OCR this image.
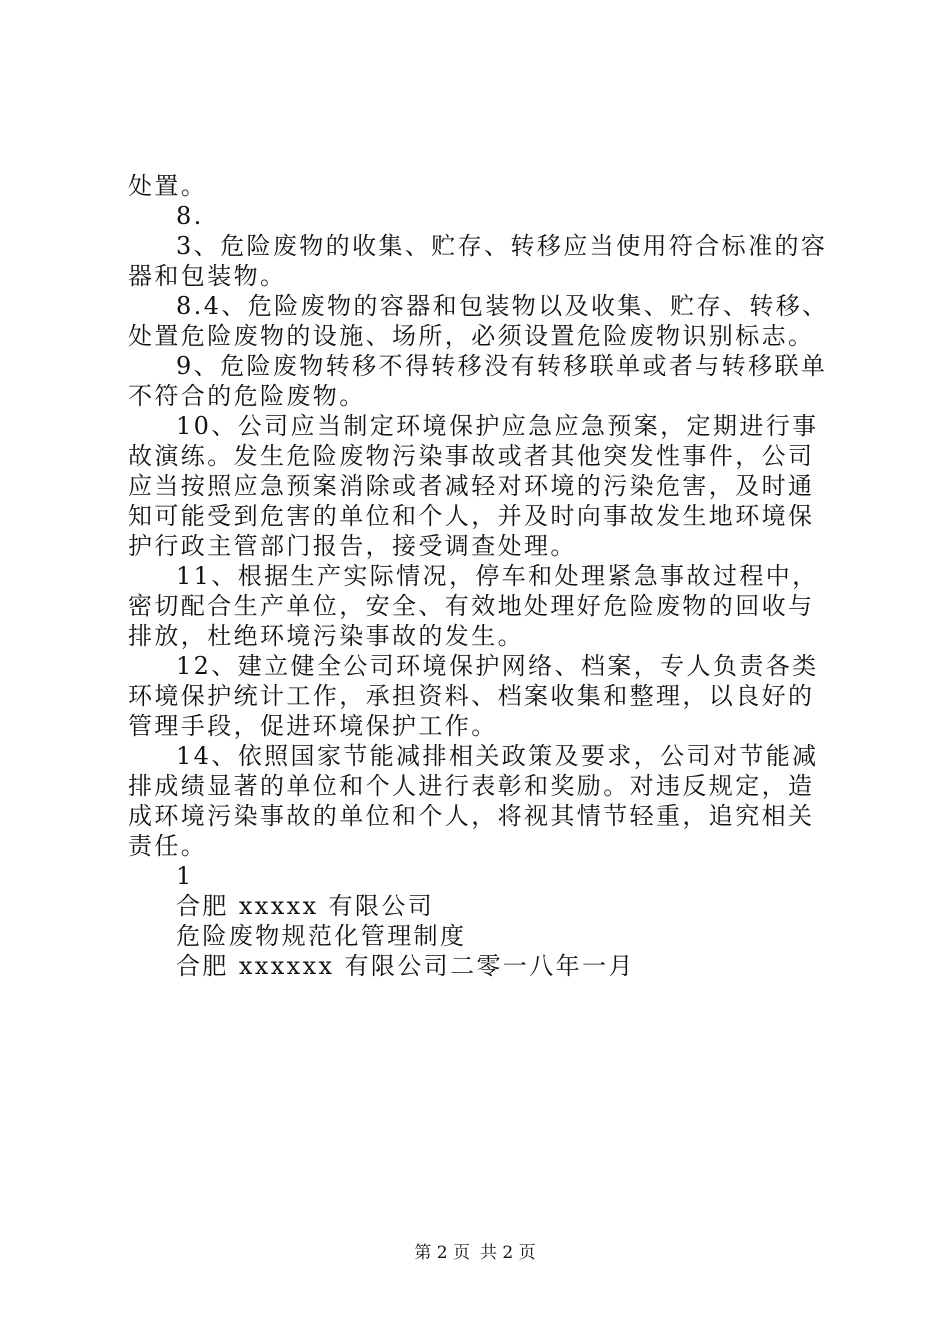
处置。

8.

3、危险废物的收集、贮存、转移应当使用符合标准的容器和包装物。

8.4、危险废物的容器和包装物以及收集、贮存、转移、处置危险废物的设施、场所，必须设置危险废物识别标志。

9、危险废物转移不得转移没有转移联单或者与转移联单不符合的危险废物。

10、公司应当制定环境保护应急应急预案，定期进行事故演练。发生危险废物污染事故或者其他突发性事件，公司应当按照应急预案消除或者减轻对环境的污染危害，及时通知可能受到危害的单位和个人，并及时向事故发生地环境保护行政主管部门报告，接受调查处理。

11、根据生产实际情况，停车和处理紧急事故过程中，密切配合生产单位，安全、有效地处理好危险废物的回收与排放，杜绝环境污染事故的发生。

12、建立健全公司环境保护网络、档案，专人负责各类环境保护统计工作，承担资料、档案收集和整理，以良好的管理手段，促进环境保护工作。

14、依照国家节能减排相关政策及要求，公司对节能减排成绩显著的单位和个人进行表彰和奖励。对违反规定，造成环境污染事故的单位和个人，将视其情节轻重，追究相关责任。

1

合肥 xxxxx 有限公司

危险废物规范化管理制度

合肥 xxxxxx 有限公司二零一八年一月

第 2 页 共 2 页
